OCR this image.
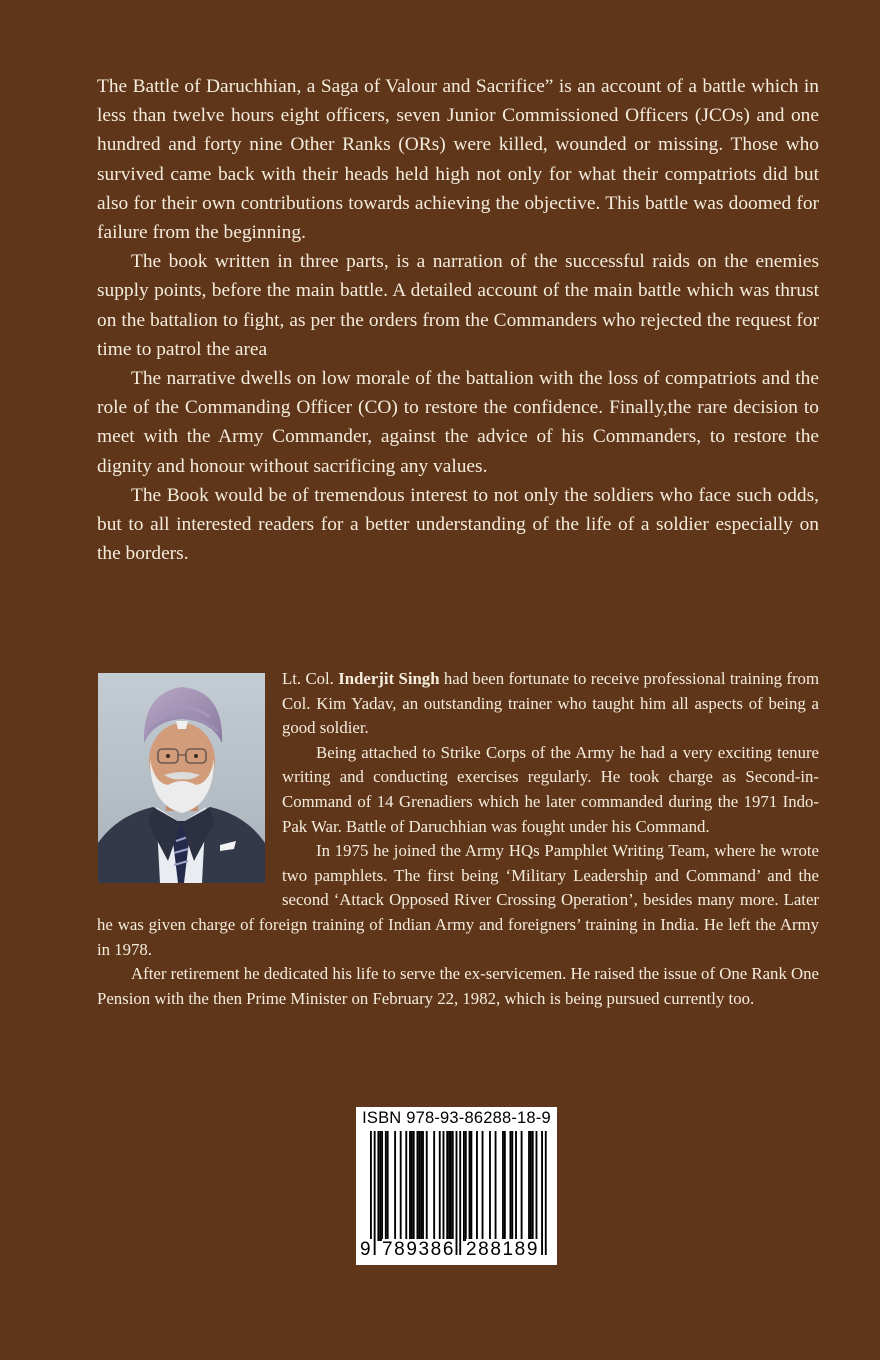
The Battle of Daruchhian, a Saga of Valour and Sacrifice” is an account of a battle which in less than twelve hours eight officers, seven Junior Commissioned Officers (JCOs) and one hundred and forty nine Other Ranks (ORs) were killed, wounded or missing. Those who survived came back with their heads held high not only for what their compatriots did but also for their own contributions towards achieving the objective. This battle was doomed for failure from the beginning.

The book written in three parts, is a narration of the successful raids on the enemies supply points, before the main battle. A detailed account of the main battle which was thrust on the battalion to fight, as per the orders from the Commanders who rejected the request for time to patrol the area

The narrative dwells on low morale of the battalion with the loss of compatriots and the role of the Commanding Officer (CO) to restore the confidence. Finally,the rare decision to meet with the Army Commander, against the advice of his Commanders, to restore the dignity and honour without sacrificing any values.

The Book would be of tremendous interest to not only the soldiers who face such odds, but to all interested readers for a better understanding of the life of a soldier especially on the borders.

Lt. Col. Inderjit Singh had been fortunate to receive professional training from Col. Kim Yadav, an outstanding trainer who taught him all aspects of being a good soldier.

Being attached to Strike Corps of the Army he had a very exciting tenure writing and conducting exercises regularly. He took charge as Second-in-Command of 14 Grenadiers which he later commanded during the 1971 Indo-Pak War. Battle of Daruchhian was fought under his Command.

In 1975 he joined the Army HQs Pamphlet Writing Team, where he wrote two pamphlets. The first being ‘Military Leadership and Command’ and the second ‘Attack Opposed River Crossing Operation’, besides many more. Later he was given charge of foreign training of Indian Army and foreigners’ training in India. He left the Army in 1978.

After retirement he dedicated his life to serve the ex-servicemen. He raised the issue of One Rank One Pension with the then Prime Minister on February 22, 1982, which is being pursued currently too.

ISBN 978-93-86288-18-9
9 789386 288189
